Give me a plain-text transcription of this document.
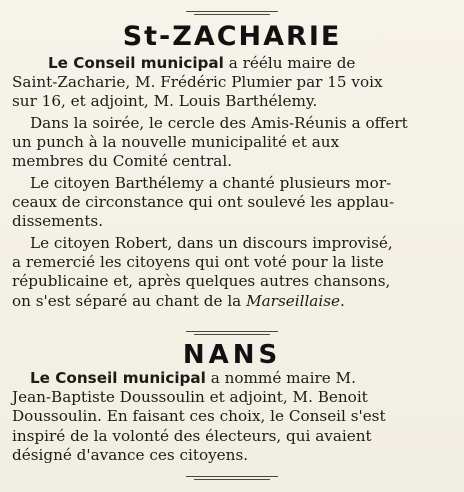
St-ZACHARIE
Le Conseil municipal a réélu maire de
Saint-Zacharie, M. Frédéric Plumier par 15 voix
sur 16, et adjoint, M. Louis Barthélemy.
Dans la soirée, le cercle des Amis-Réunis a offert
un punch à la nouvelle municipalité et aux
membres du Comité central.
Le citoyen Barthélemy a chanté plusieurs mor-
ceaux de circonstance qui ont soulevé les applau-
dissements.
Le citoyen Robert, dans un discours improvisé,
a remercié les citoyens qui ont voté pour la liste
républicaine et, après quelques autres chansons,
on s'est séparé au chant de la Marseillaise.
NANS
Le Conseil municipal a nommé maire M.
Jean-Baptiste Doussoulin et adjoint, M. Benoit
Doussoulin. En faisant ces choix, le Conseil s'est
inspiré de la volonté des électeurs, qui avaient
désigné d'avance ces citoyens.
